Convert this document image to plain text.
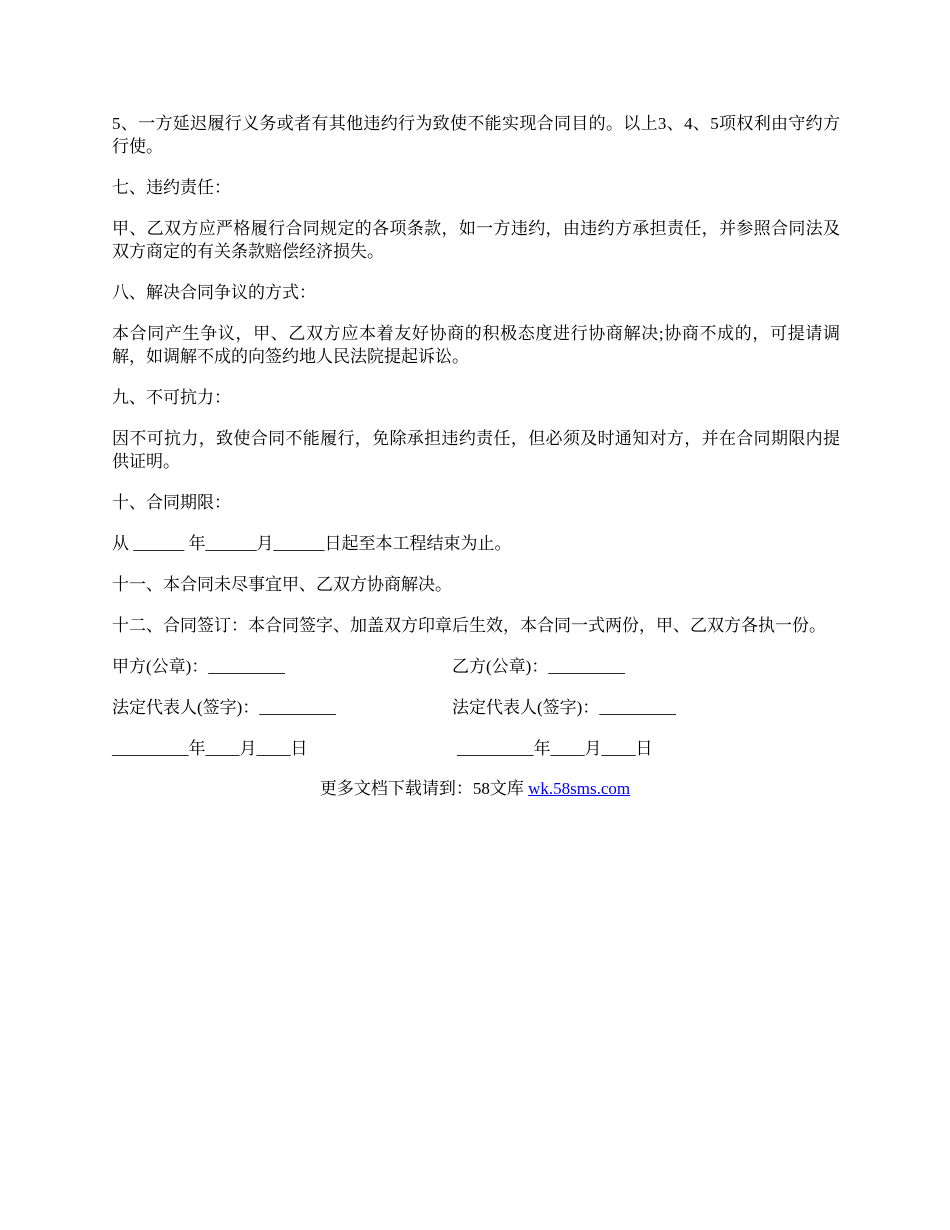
5、一方延迟履行义务或者有其他违约行为致使不能实现合同目的。以上3、4、5项权利由守约方行使。

七、违约责任：

甲、乙双方应严格履行合同规定的各项条款，如一方违约，由违约方承担责任，并参照合同法及双方商定的有关条款赔偿经济损失。

八、解决合同争议的方式：

本合同产生争议，甲、乙双方应本着友好协商的积极态度进行协商解决;协商不成的，可提请调解，如调解不成的向签约地人民法院提起诉讼。

九、不可抗力：

因不可抗力，致使合同不能履行，免除承担违约责任，但必须及时通知对方，并在合同期限内提供证明。

十、合同期限：

从 ______ 年______月______日起至本工程结束为止。

十一、本合同未尽事宜甲、乙双方协商解决。

十二、合同签订：本合同签字、加盖双方印章后生效，本合同一式两份，甲、乙双方各执一份。

甲方(公章)：_________	乙方(公章)：_________
法定代表人(签字)：_________	法定代表人(签字)：_________
_________年____月____日	_________年____月____日
更多文档下载请到：58文库 wk.58sms.com
